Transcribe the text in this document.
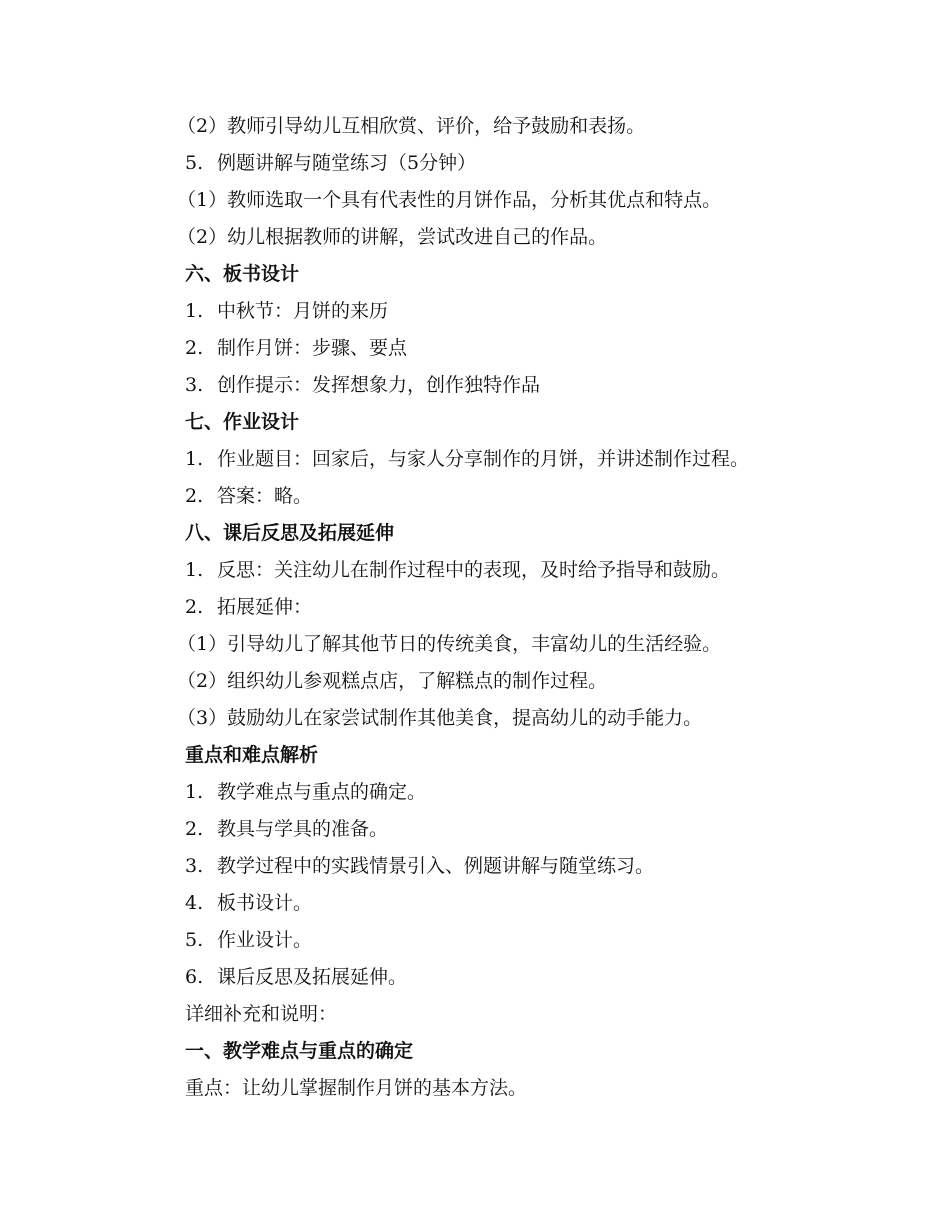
（2）教师引导幼儿互相欣赏、评价，给予鼓励和表扬。
5. 例题讲解与随堂练习（5分钟）
（1）教师选取一个具有代表性的月饼作品，分析其优点和特点。
（2）幼儿根据教师的讲解，尝试改进自己的作品。
六、板书设计
1. 中秋节：月饼的来历
2. 制作月饼：步骤、要点
3. 创作提示：发挥想象力，创作独特作品
七、作业设计
1. 作业题目：回家后，与家人分享制作的月饼，并讲述制作过程。
2. 答案：略。
八、课后反思及拓展延伸
1. 反思：关注幼儿在制作过程中的表现，及时给予指导和鼓励。
2. 拓展延伸：
（1）引导幼儿了解其他节日的传统美食，丰富幼儿的生活经验。
（2）组织幼儿参观糕点店，了解糕点的制作过程。
（3）鼓励幼儿在家尝试制作其他美食，提高幼儿的动手能力。
重点和难点解析
1. 教学难点与重点的确定。
2. 教具与学具的准备。
3. 教学过程中的实践情景引入、例题讲解与随堂练习。
4. 板书设计。
5. 作业设计。
6. 课后反思及拓展延伸。
详细补充和说明：
一、教学难点与重点的确定
重点：让幼儿掌握制作月饼的基本方法。
